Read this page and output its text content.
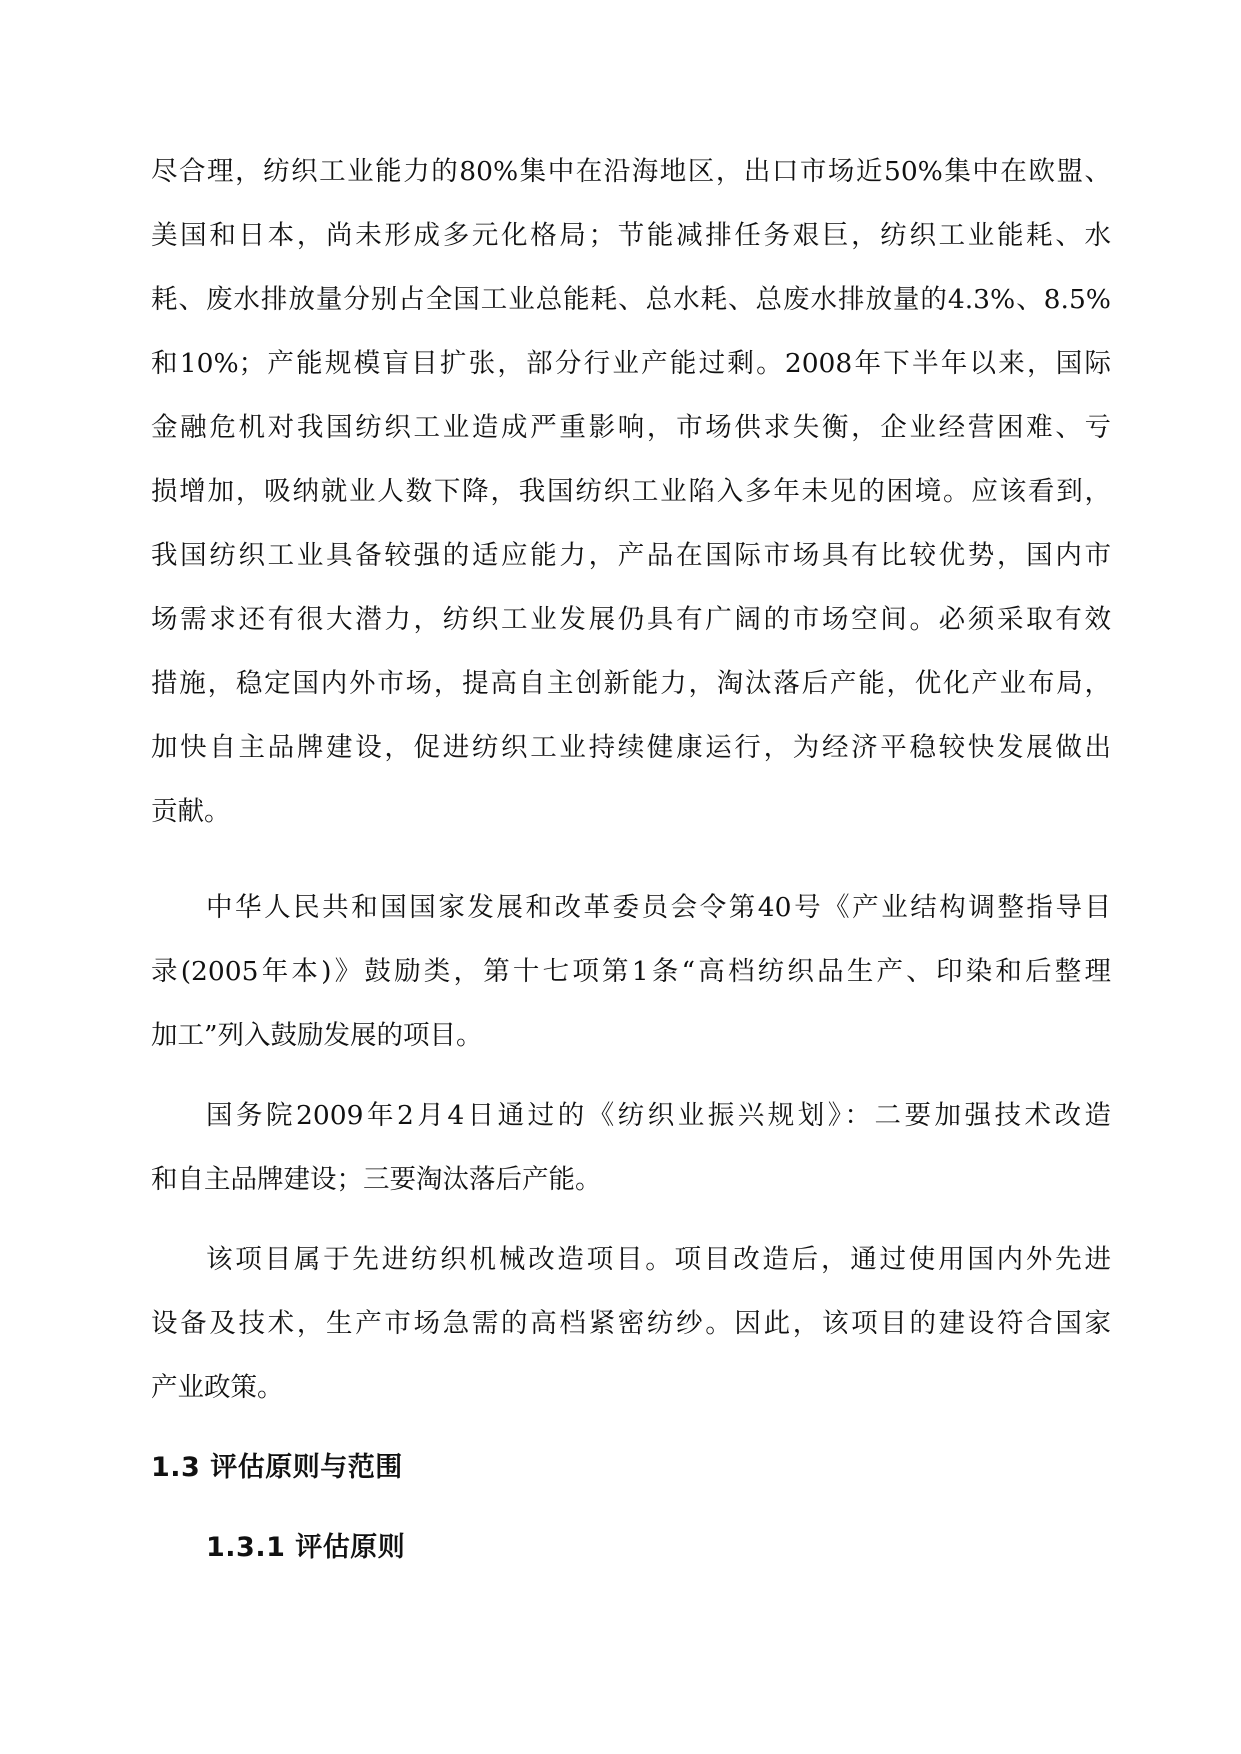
尽合理，纺织工业能力的80%集中在沿海地区，出口市场近50%集中在欧盟、
美国和日本，尚未形成多元化格局；节能减排任务艰巨，纺织工业能耗、水
耗、废水排放量分别占全国工业总能耗、总水耗、总废水排放量的4.3%、8.5%
和10%；产能规模盲目扩张，部分行业产能过剩。2008年下半年以来，国际
金融危机对我国纺织工业造成严重影响，市场供求失衡，企业经营困难、亏
损增加，吸纳就业人数下降，我国纺织工业陷入多年未见的困境。应该看到，
我国纺织工业具备较强的适应能力，产品在国际市场具有比较优势，国内市
场需求还有很大潜力，纺织工业发展仍具有广阔的市场空间。必须采取有效
措施，稳定国内外市场，提高自主创新能力，淘汰落后产能，优化产业布局，
加快自主品牌建设，促进纺织工业持续健康运行，为经济平稳较快发展做出
贡献。
中华人民共和国国家发展和改革委员会令第40号《产业结构调整指导目
录(2005年本)》鼓励类，第十七项第1条“高档纺织品生产、印染和后整理
加工”列入鼓励发展的项目。
国务院2009年2月4日通过的《纺织业振兴规划》：二要加强技术改造
和自主品牌建设；三要淘汰落后产能。
该项目属于先进纺织机械改造项目。项目改造后，通过使用国内外先进
设备及技术，生产市场急需的高档紧密纺纱。因此，该项目的建设符合国家
产业政策。
1.3 评估原则与范围
1.3.1 评估原则
